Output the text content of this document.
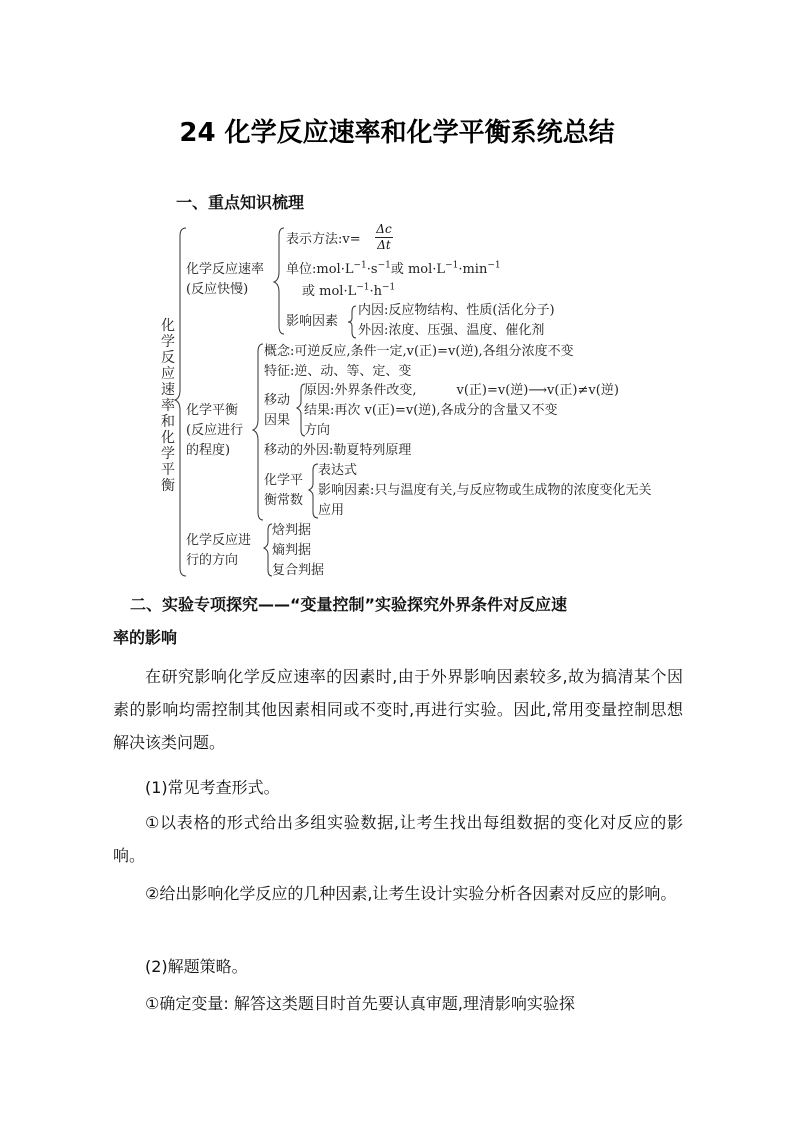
24 化学反应速率和化学平衡系统总结
一、重点知识梳理
化
学
反
应
速
率
和
化
学
平
衡
化学反应速率
(反应快慢)
表示方法:v=
Δc
Δt
单位$:mol\cdot L^{-1}\cdot s^{-1}$或 $mol\cdot L^{-1}\cdot\min^{-1}$
或 $mol\cdot L^{-1}\cdot h^{-1}$
影响因素
内因:反应物结构、性质(活化分子)
外因:浓度、压强、温度、催化剂
化学平衡
(反应进行
的程度)
概念:可逆反应,条件一定,v(正)=v(逆),各组分浓度不变
特征:逆、动、等、定、变
移动
因果
原因:外界条件改变,	v(正)=v(逆)⟶v(正)≠v(逆)
结果:再次 v(正)=v(逆),各成分的含量又不变
方向
移动的外因:勒夏特列原理
化学平
衡常数
表达式
影响因素:只与温度有关,与反应物或生成物的浓度变化无关
应用
化学反应进
行的方向
焓判据
熵判据
复合判据
二、实验专项探究——“变量控制”实验探究外界条件对反应速
率的影响
在研究影响化学反应速率的因素时,由于外界影响因素较多,故为搞清某个因素的影响均需控制其他因素相同或不变时,再进行实验。因此,常用变量控制思想解决该类问题。
(1)常见考查形式。
①以表格的形式给出多组实验数据,让考生找出每组数据的变化对反应的影响。
②给出影响化学反应的几种因素,让考生设计实验分析各因素对反应的影响。
(2)解题策略。
①确定变量: 解答这类题目时首先要认真审题,理清影响实验探
